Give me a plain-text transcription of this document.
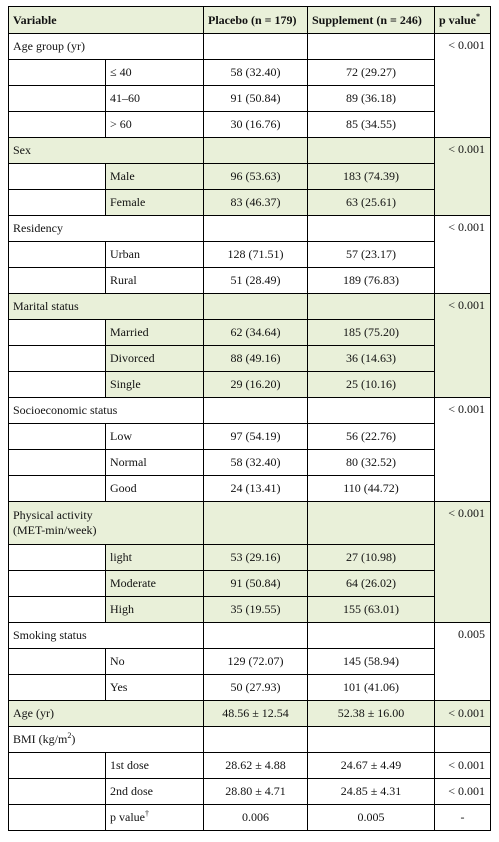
Variable		Placebo (n = 179)	Supplement (n = 246)	p value*
Age group (yr)				< 0.001
	≤ 40	58 (32.40)	72 (29.27)	
	41–60	91 (50.84)	89 (36.18)	
	> 60	30 (16.76)	85 (34.55)	
Sex				< 0.001
	Male	96 (53.63)	183 (74.39)	
	Female	83 (46.37)	63 (25.61)	
Residency				< 0.001
	Urban	128 (71.51)	57 (23.17)	
	Rural	51 (28.49)	189 (76.83)	
Marital status				< 0.001
	Married	62 (34.64)	185 (75.20)	
	Divorced	88 (49.16)	36 (14.63)	
	Single	29 (16.20)	25 (10.16)	
Socioeconomic status				< 0.001
	Low	97 (54.19)	56 (22.76)	
	Normal	58 (32.40)	80 (32.52)	
	Good	24 (13.41)	110 (44.72)	
Physical activity
(MET-min/week)				< 0.001
	light	53 (29.16)	27 (10.98)	
	Moderate	91 (50.84)	64 (26.02)	
	High	35 (19.55)	155 (63.01)	
Smoking status				0.005
	No	129 (72.07)	145 (58.94)	
	Yes	50 (27.93)	101 (41.06)	
Age (yr)		48.56 ± 12.54	52.38 ± 16.00	< 0.001
BMI $(kg/m^2)$				
	1st dose	28.62 ± 4.88	24.67 ± 4.49	< 0.001
	2nd dose	28.80 ± 4.71	24.85 ± 4.31	< 0.001
	p value†	0.006	0.005	-
